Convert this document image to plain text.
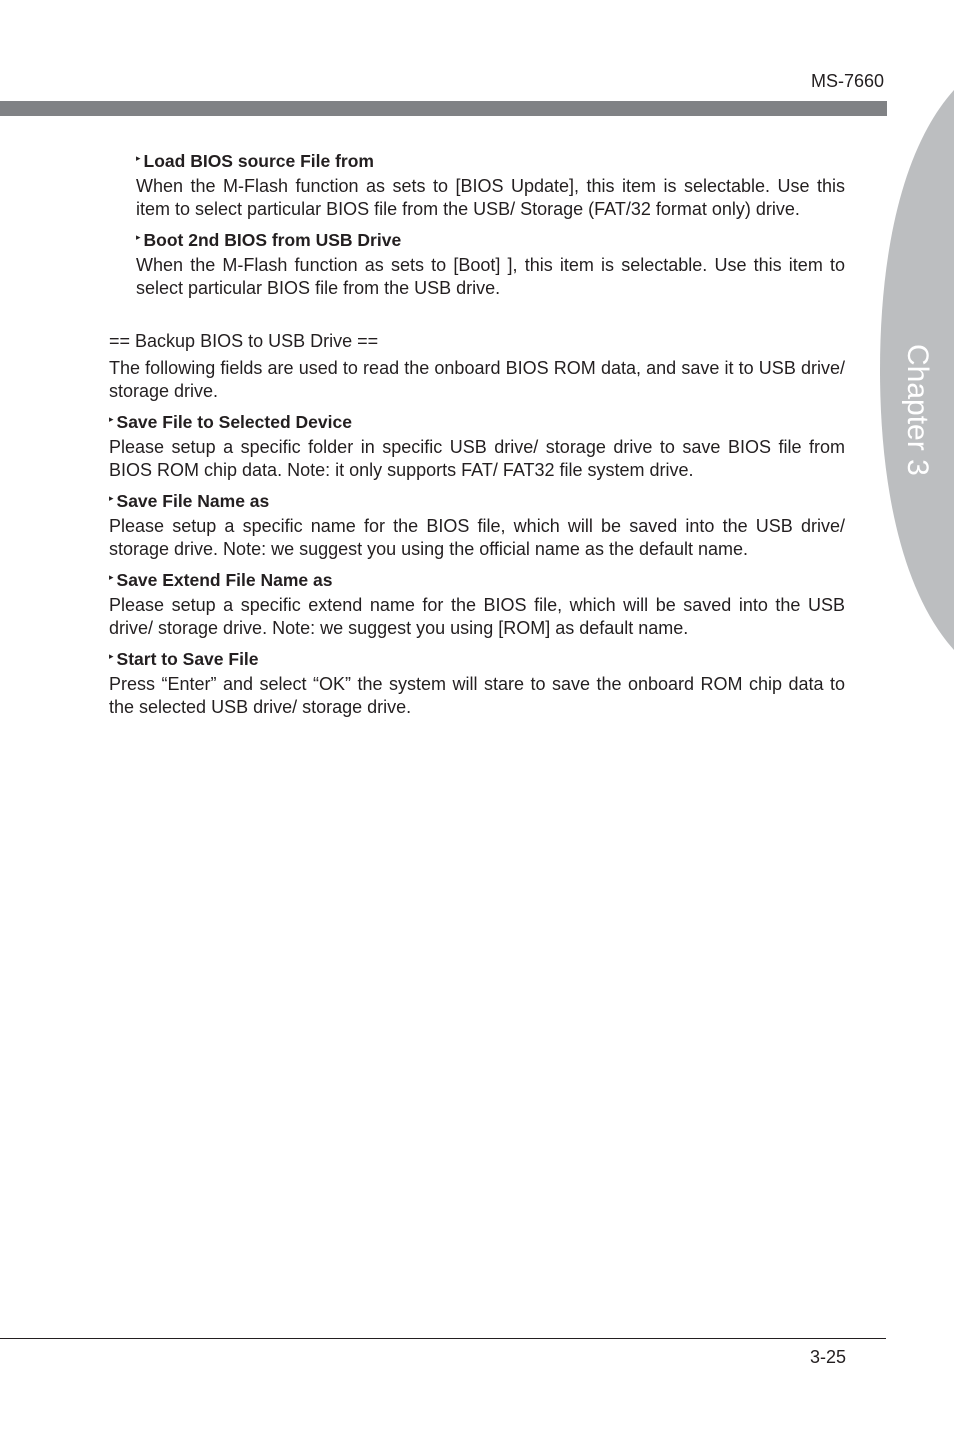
MS-7660
Chapter 3
▸ Load BIOS source File from

When the M-Flash function as sets to [BIOS Update], this item is selectable. Use this item to select particular BIOS file from the USB/ Storage (FAT/32 format only) drive.

▸ Boot 2nd BIOS from USB Drive

When the M-Flash function as sets to [Boot] ], this item is selectable. Use this item to select particular BIOS file from the USB drive.

== Backup BIOS to USB Drive ==

The following fields are used to read the onboard BIOS ROM data, and save it to USB drive/ storage drive.

▸ Save File to Selected Device

Please setup a specific folder in specific USB drive/ storage drive to save BIOS file from BIOS ROM chip data. Note: it only supports FAT/ FAT32 file system drive.

▸ Save File Name as

Please setup a specific name for the BIOS file, which will be saved into the USB drive/ storage drive. Note: we suggest you using the official name as the default name.

▸ Save Extend File Name as

Please setup a specific extend name for the BIOS file, which will be saved into the USB drive/ storage drive. Note: we suggest you using [ROM] as default name.

▸ Start to Save File

Press “Enter” and select “OK” the system will stare to save the onboard ROM chip data to the selected USB drive/ storage drive.

3-25
